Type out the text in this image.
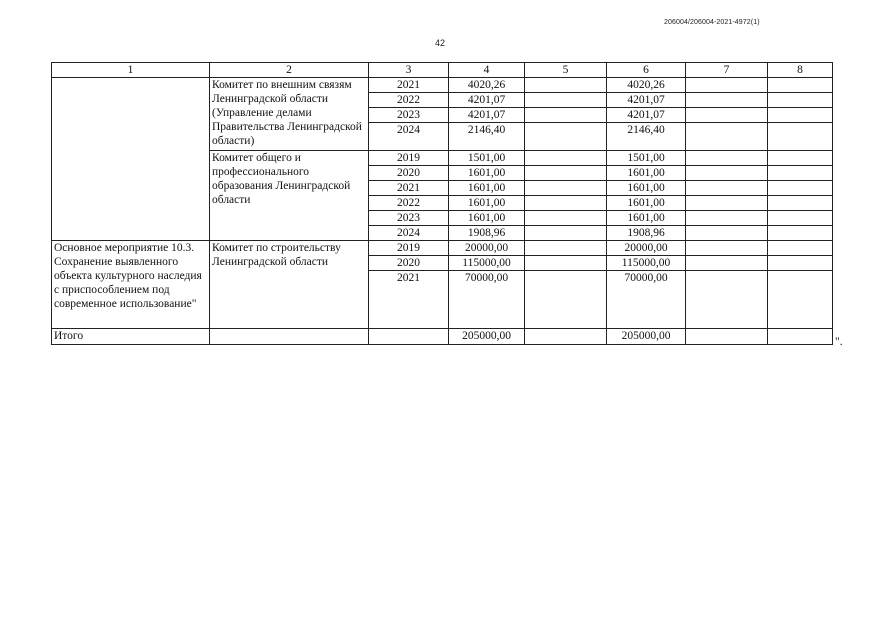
206004/206004-2021-4972(1)
42
1	2	3	4	5	6	7	8
	Комитет по внешним связям Ленинградской области (Управление делами Правительства Ленинградской области)	2021	4020,26		4020,26		
		2022	4201,07		4201,07		
		2023	4201,07		4201,07		
		2024	2146,40		2146,40		
	Комитет общего и профессионального образования Ленинградской области	2019	1501,00		1501,00		
		2020	1601,00		1601,00		
		2021	1601,00		1601,00		
		2022	1601,00		1601,00		
		2023	1601,00		1601,00		
		2024	1908,96		1908,96		
Основное мероприятие 10.3. Сохранение выявленного объекта культурного наследия с приспособлением под современное использование"	Комитет по строительству Ленинградской области	2019	20000,00		20000,00		
		2020	115000,00		115000,00		
		2021	70000,00		70000,00		
Итого			205000,00		205000,00			".
